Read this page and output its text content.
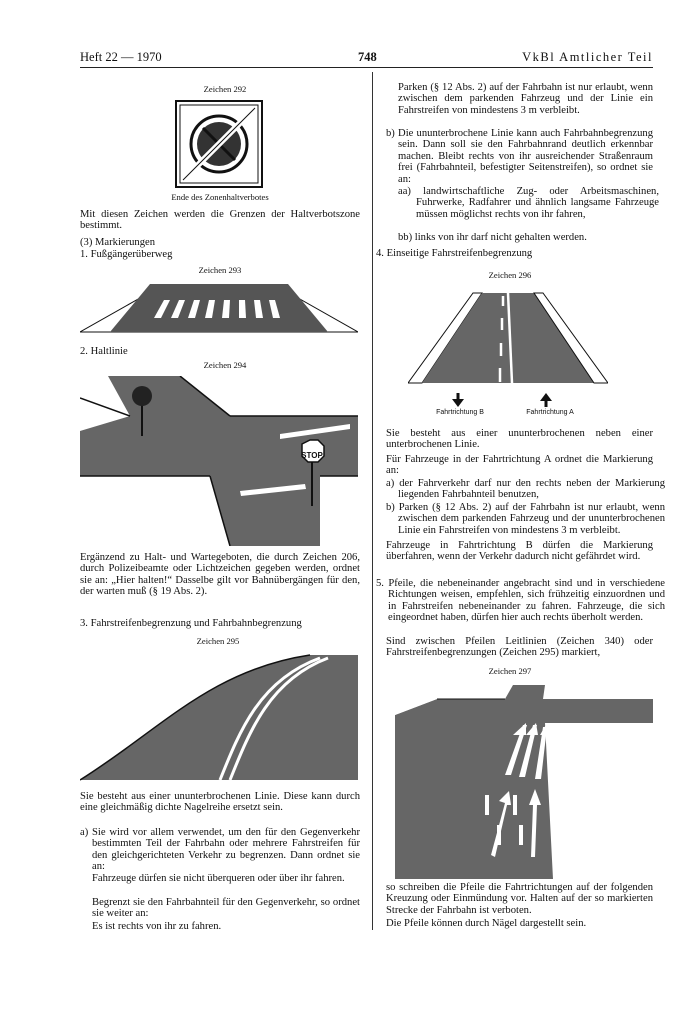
Heft 22 — 1970	748	VkBl Amtlicher Teil
Zeichen 292
Ende des Zonenhaltverbotes

Mit diesen Zeichen werden die Grenzen der Haltverbotszone bestimmt.

(3) Markierungen

1. Fußgängerüberweg

Zeichen 293

2. Haltlinie

Zeichen 294
STOP

Ergänzend zu Halt- und Wartegeboten, die durch Zeichen 206, durch Polizeibeamte oder Lichtzeichen gegeben werden, ordnet sie an: „Hier halten!“ Dasselbe gilt vor Bahnübergängen für den, der warten muß (§ 19 Abs. 2).

3. Fahrstreifenbegrenzung und Fahrbahnbegrenzung

Zeichen 295

Sie besteht aus einer ununterbrochenen Linie. Diese kann durch eine gleichmäßig dichte Nagelreihe ersetzt sein.

a) Sie wird vor allem verwendet, um den für den Gegenverkehr bestimmten Teil der Fahrbahn oder mehrere Fahrstreifen für den gleichgerichteten Verkehr zu begrenzen. Dann ordnet sie an:

Fahrzeuge dürfen sie nicht überqueren oder über ihr fahren.

Begrenzt sie den Fahrbahnteil für den Gegenverkehr, so ordnet sie weiter an:

Es ist rechts von ihr zu fahren.

Parken (§ 12 Abs. 2) auf der Fahrbahn ist nur erlaubt, wenn zwischen dem parkenden Fahrzeug und der Linie ein Fahrstreifen von mindestens 3 m verbleibt.

b) Die ununterbrochene Linie kann auch Fahrbahnbegrenzung sein. Dann soll sie den Fahrbahnrand deutlich erkennbar machen. Bleibt rechts von ihr ausreichender Straßenraum frei (Fahrbahnteil, befestigter Seitenstreifen), so ordnet sie an:

aa) landwirtschaftliche Zug- oder Arbeitsmaschinen, Fuhrwerke, Radfahrer und ähnlich langsame Fahrzeuge müssen möglichst rechts von ihr fahren,

bb) links von ihr darf nicht gehalten werden.

4. Einseitige Fahrstreifenbegrenzung

Zeichen 296
Fahrtrichtung B	Fahrtrichtung A

Sie besteht aus einer ununterbrochenen neben einer unterbrochenen Linie.

Für Fahrzeuge in der Fahrtrichtung A ordnet die Markierung an:

a) der Fahrverkehr darf nur den rechts neben der Markierung liegenden Fahrbahnteil benutzen,

b) Parken (§ 12 Abs. 2) auf der Fahrbahn ist nur erlaubt, wenn zwischen dem parkenden Fahrzeug und der ununterbrochenen Linie ein Fahrstreifen von mindestens 3 m verbleibt.

Fahrzeuge in Fahrtrichtung B dürfen die Markierung überfahren, wenn der Verkehr dadurch nicht gefährdet wird.

5. Pfeile, die nebeneinander angebracht sind und in verschiedene Richtungen weisen, empfehlen, sich frühzeitig einzuordnen und in Fahrstreifen nebeneinander zu fahren. Fahrzeuge, die sich eingeordnet haben, dürfen hier auch rechts überholt werden.

Sind zwischen Pfeilen Leitlinien (Zeichen 340) oder Fahrstreifenbegrenzungen (Zeichen 295) markiert,

Zeichen 297

so schreiben die Pfeile die Fahrtrichtungen auf der folgenden Kreuzung oder Einmündung vor. Halten auf der so markierten Strecke der Fahrbahn ist verboten.

Die Pfeile können durch Nägel dargestellt sein.
